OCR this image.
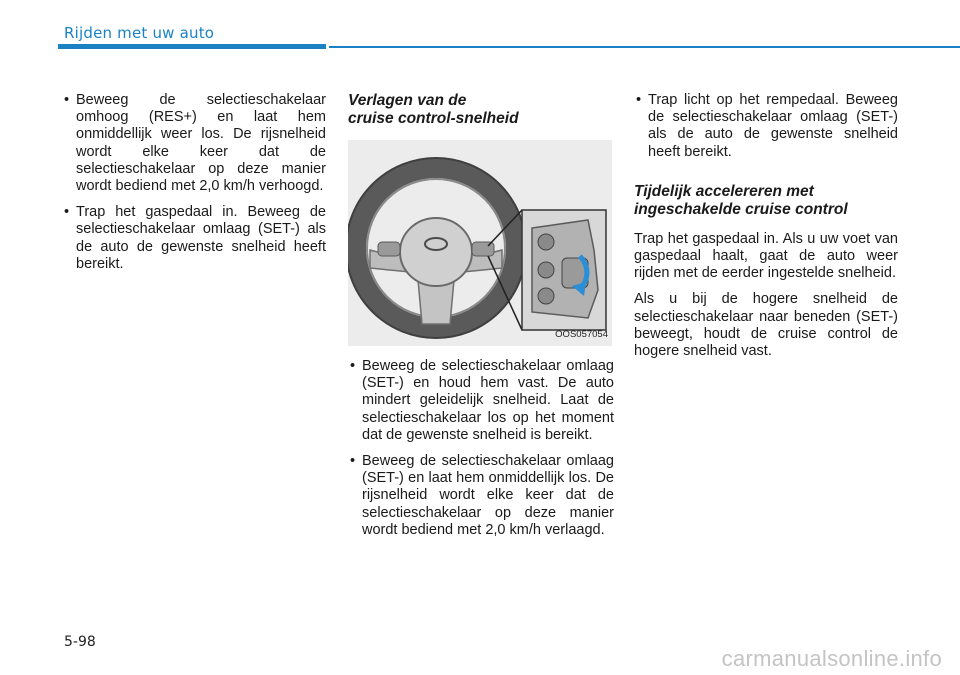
Rijden met uw auto
• Beweeg de selectieschakelaar omhoog (RES+) en laat hem onmiddellijk weer los. De rijsnelheid wordt elke keer dat de selectieschakelaar op deze manier wordt bediend met 2,0 km/h verhoogd.
• Trap het gaspedaal in. Beweeg de selectieschakelaar omlaag (SET-) als de auto de gewenste snelheid heeft bereikt.
Verlagen van de
cruise control-snelheid
OOS057054
• Beweeg de selectieschakelaar omlaag (SET-) en houd hem vast. De auto mindert geleidelijk snelheid. Laat de selectieschakelaar los op het moment dat de gewenste snelheid is bereikt.
• Beweeg de selectieschakelaar omlaag (SET-) en laat hem onmiddellijk los. De rijsnelheid wordt elke keer dat de selectieschakelaar op deze manier wordt bediend met 2,0 km/h verlaagd.
• Trap licht op het rempedaal. Beweeg de selectieschakelaar omlaag (SET-) als de auto de gewenste snelheid heeft bereikt.
Tijdelijk accelereren met
ingeschakelde cruise control

Trap het gaspedaal in. Als u uw voet van gaspedaal haalt, gaat de auto weer rijden met de eerder ingestelde snelheid.

Als u bij de hogere snelheid de selectieschakelaar naar beneden (SET-) beweegt, houdt de cruise control de hogere snelheid vast.

5-98
carmanualsonline.info
